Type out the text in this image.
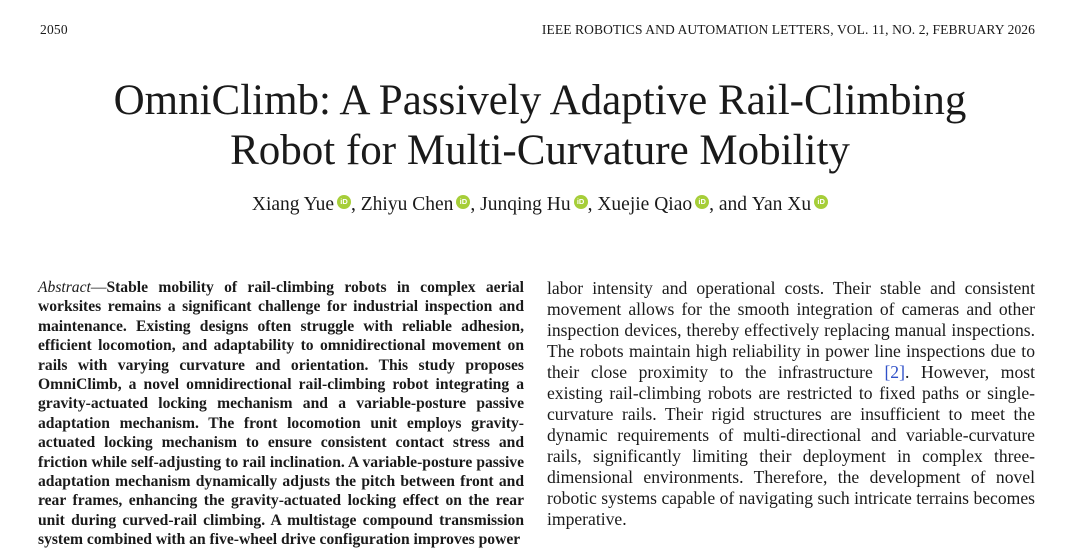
2050	IEEE ROBOTICS AND AUTOMATION LETTERS, VOL. 11, NO. 2, FEBRUARY 2026
OmniClimb: A Passively Adaptive Rail-Climbing
Robot for Multi-Curvature Mobility
Xiang Yue iD , Zhiyu Chen iD , Junqing Hu iD , Xuejie Qiao iD , and Yan Xu iD

Abstract—Stable mobility of rail-climbing robots in complex aerial worksites remains a significant challenge for industrial inspection and maintenance. Existing designs often struggle with reliable adhesion, efficient locomotion, and adaptability to omnidirectional movement on rails with varying curvature and orientation. This study proposes OmniClimb, a novel omnidirectional rail-climbing robot integrating a gravity-actuated locking mechanism and a variable-posture passive adaptation mechanism. The front locomotion unit employs gravity-actuated locking mechanism to ensure consistent contact stress and friction while self-adjusting to rail inclination. A variable-posture passive adaptation mechanism dynamically adjusts the pitch between front and rear frames, enhancing the gravity-actuated locking effect on the rear unit during curved-rail climbing. A multistage compound transmission system combined with an five-wheel drive configuration improves power

labor intensity and operational costs. Their stable and consistent movement allows for the smooth integration of cameras and other inspection devices, thereby effectively replacing manual inspections. The robots maintain high reliability in power line inspections due to their close proximity to the infrastructure [2]. However, most existing rail-climbing robots are restricted to fixed paths or single-curvature rails. Their rigid structures are insufficient to meet the dynamic requirements of multi-directional and variable-curvature rails, significantly limiting their deployment in complex three-dimensional environments. Therefore, the development of novel robotic systems capable of navigating such intricate terrains becomes imperative.
